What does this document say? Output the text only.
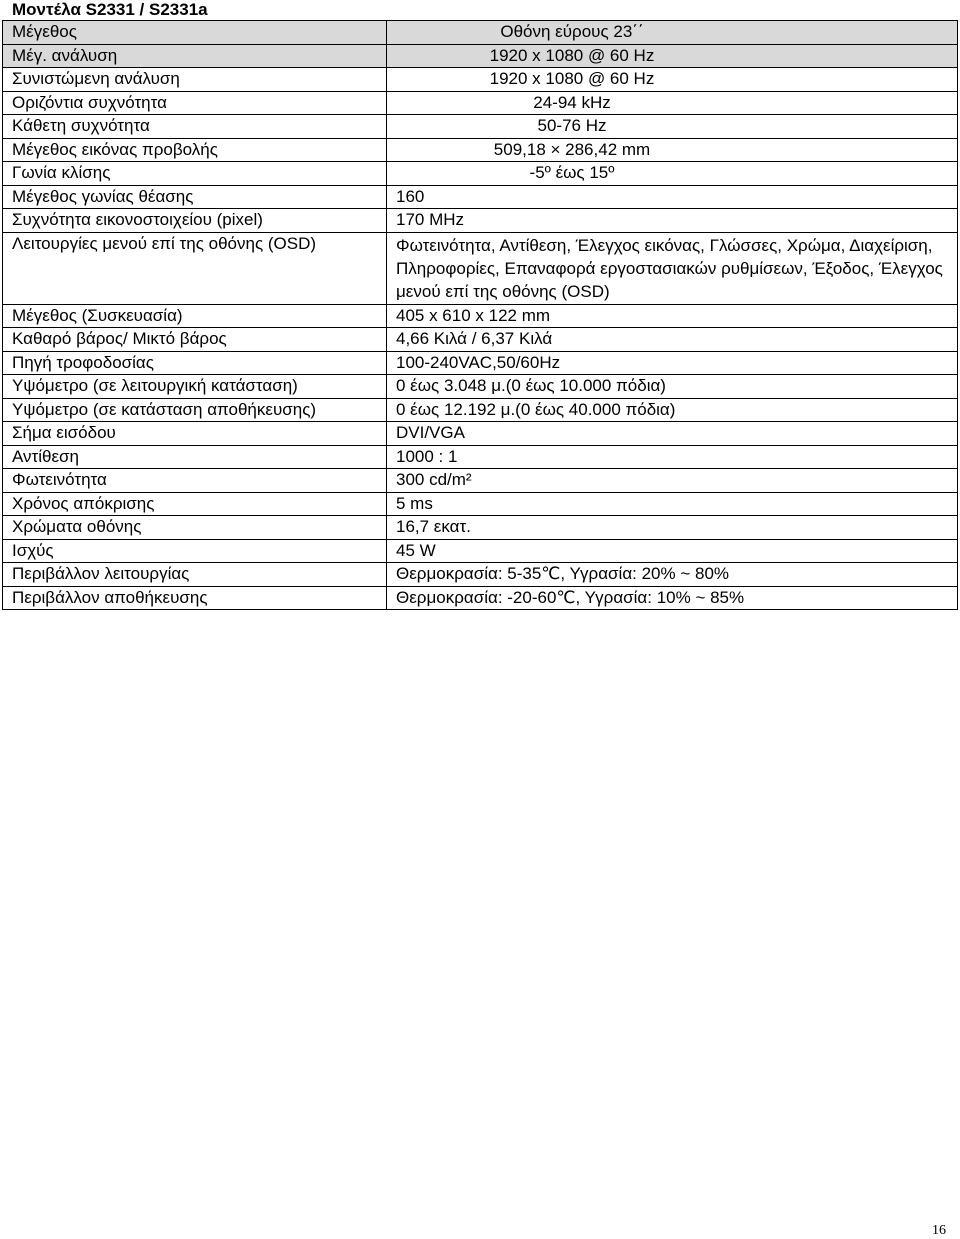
Μοντέλα S2331 / S2331a
Μέγεθος	Οθόνη εύρους 23΄΄
Μέγ. ανάλυση	1920 x 1080 @ 60 Hz
Συνιστώμενη ανάλυση	1920 x 1080 @ 60 Hz
Οριζόντια συχνότητα	24-94 kHz
Κάθετη συχνότητα	50-76 Hz
Μέγεθος εικόνας προβολής	509,18 × 286,42 mm
Γωνία κλίσης	-5º έως 15º
Μέγεθος γωνίας θέασης	160
Συχνότητα εικονοστοιχείου (pixel)	170 MHz
Λειτουργίες μενού επί της οθόνης (OSD)	Φωτεινότητα, Αντίθεση, Έλεγχος εικόνας, Γλώσσες, Χρώμα, Διαχείριση, Πληροφορίες, Επαναφορά εργοστασιακών ρυθμίσεων, Έξοδος, Έλεγχος μενού επί της οθόνης (OSD)
Μέγεθος (Συσκευασία)	405 x 610 x 122 mm
Καθαρό βάρος/ Μικτό βάρος	4,66 Κιλά / 6,37 Κιλά
Πηγή τροφοδοσίας	100-240VAC,50/60Hz
Υψόμετρο (σε λειτουργική κατάσταση)	0 έως 3.048 μ.(0 έως 10.000 πόδια)
Υψόμετρο (σε κατάσταση αποθήκευσης)	0 έως 12.192 μ.(0 έως 40.000 πόδια)
Σήμα εισόδου	DVI/VGA
Αντίθεση	1000 : 1
Φωτεινότητα	300 cd/m²
Χρόνος απόκρισης	5 ms
Χρώματα οθόνης	16,7 εκατ.
Ισχύς	45 W
Περιβάλλον λειτουργίας	Θερμοκρασία: 5-35℃, Υγρασία: 20% ~ 80%
Περιβάλλον αποθήκευσης	Θερμοκρασία: -20-60℃, Υγρασία: 10% ~ 85%
16
